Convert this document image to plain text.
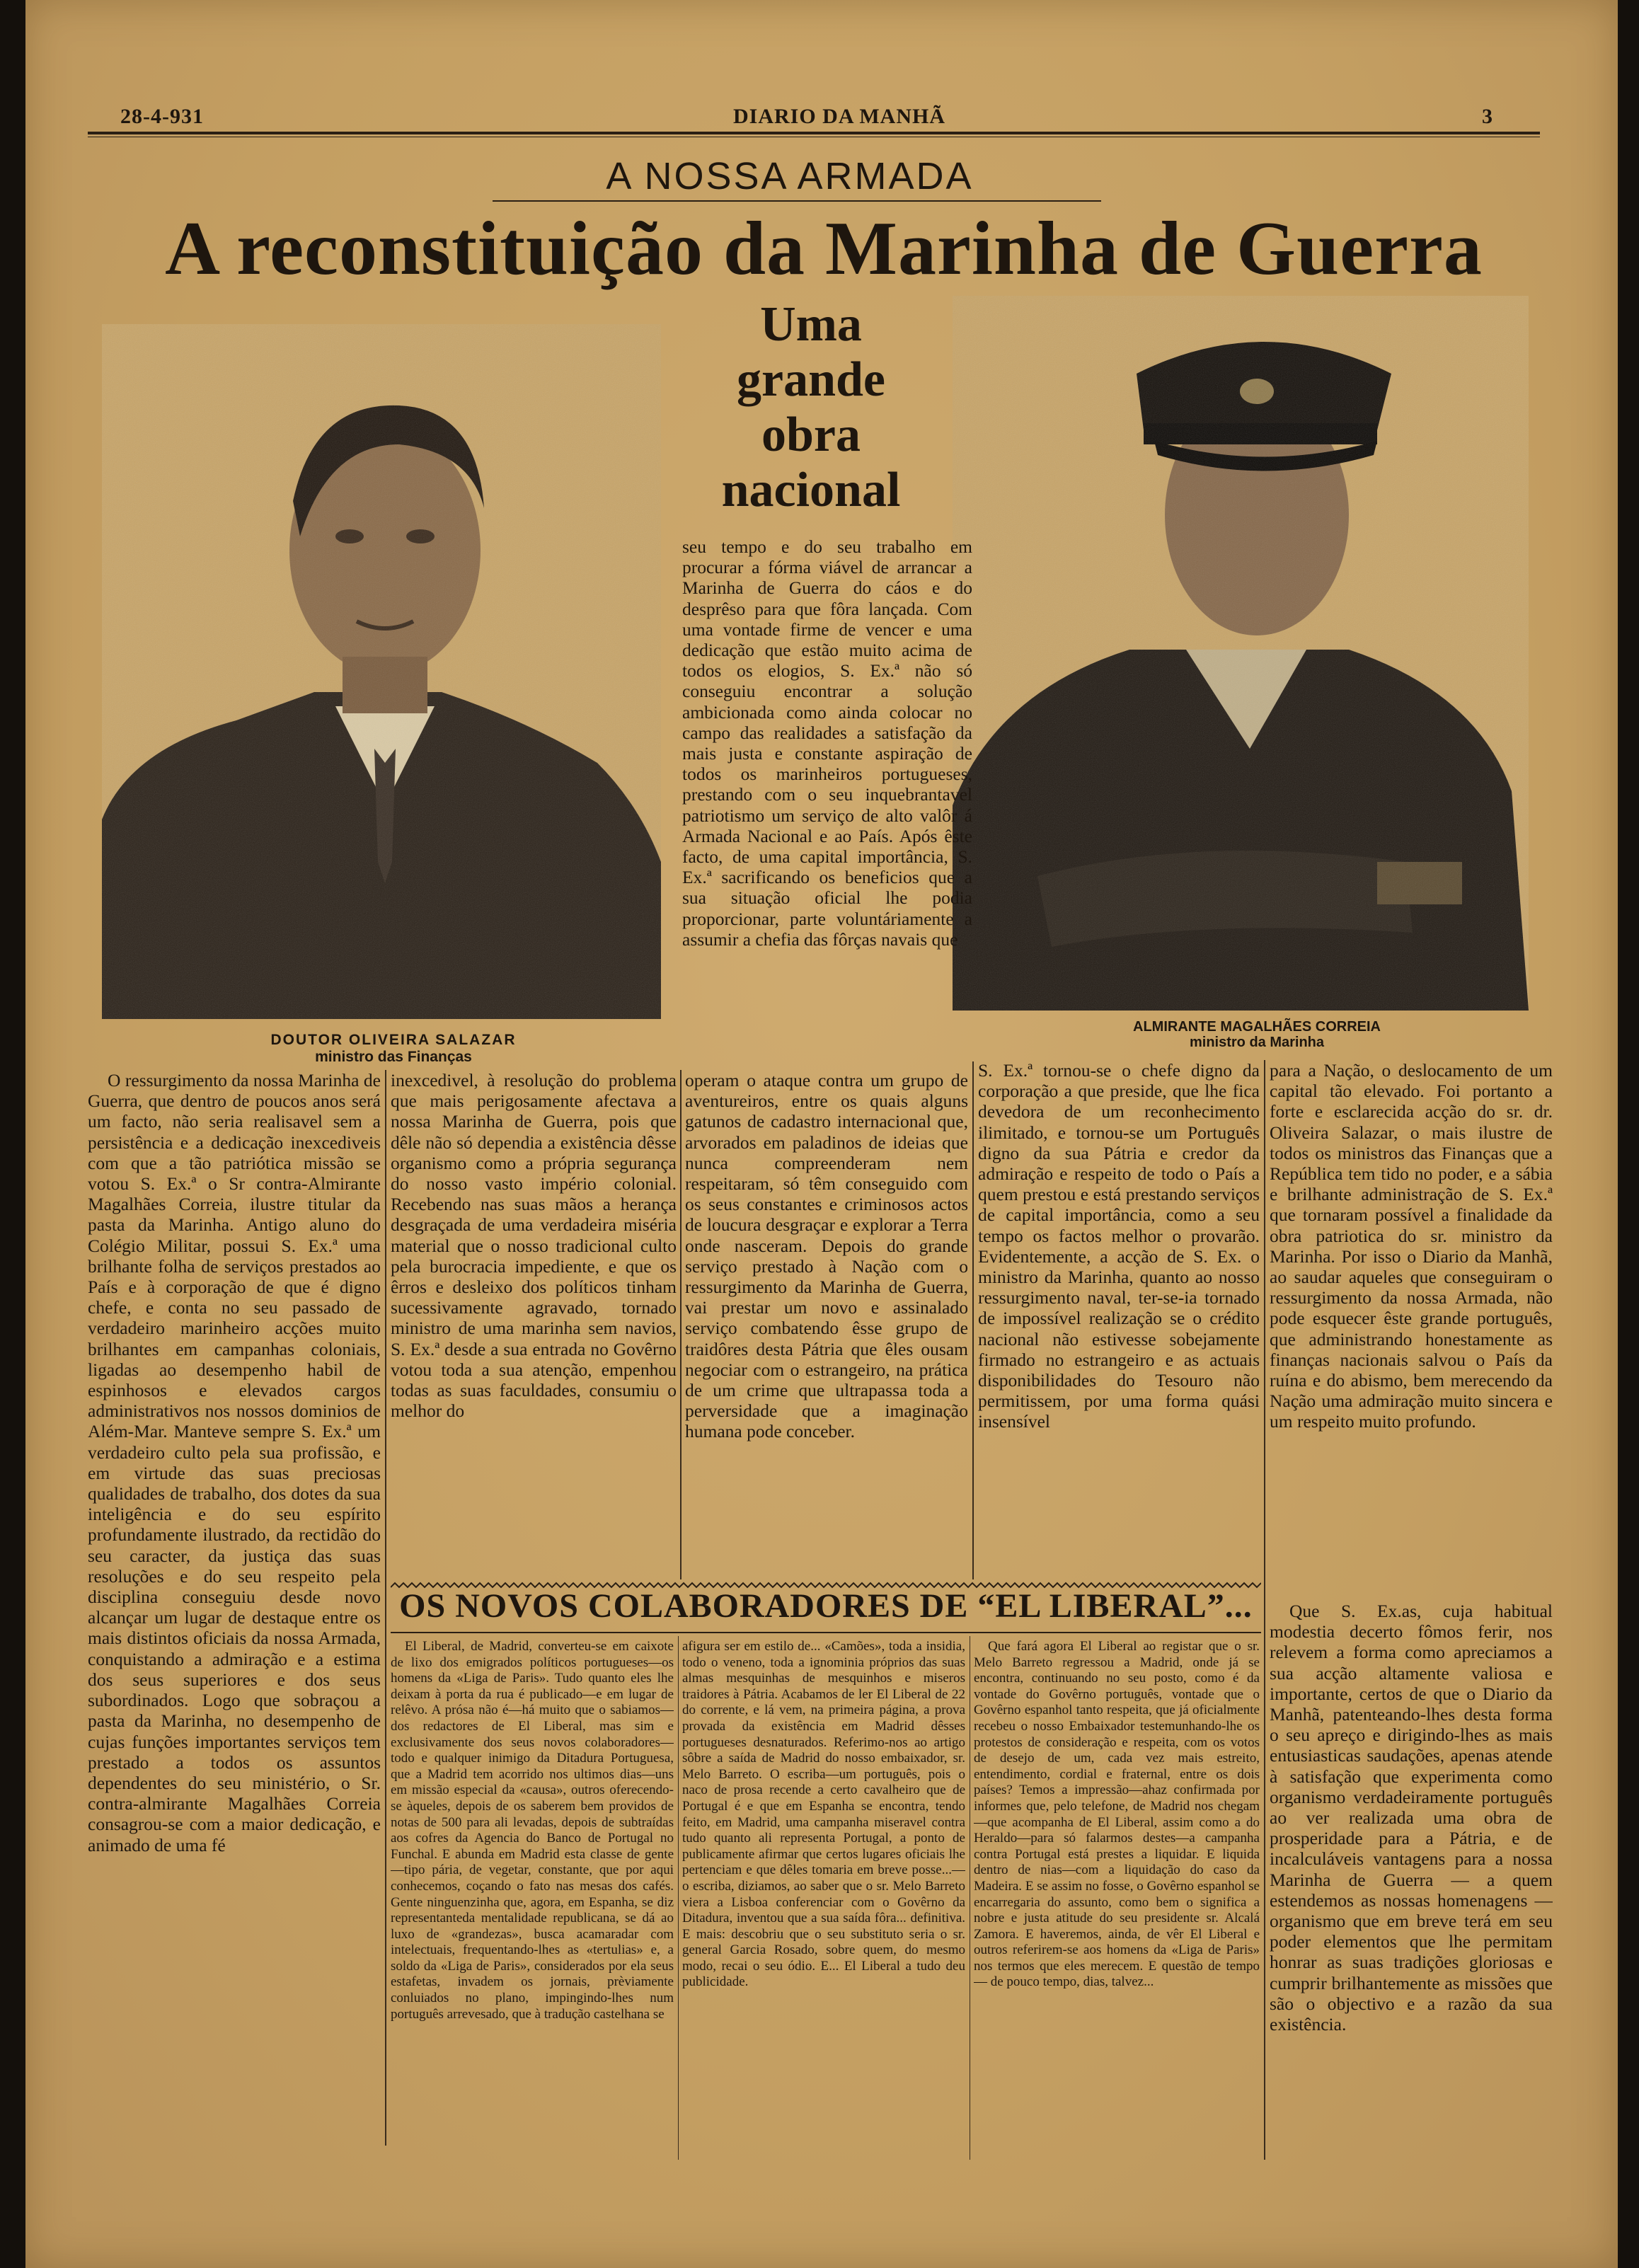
28-4-931	DIARIO DA MANHÃ	3
A NOSSA ARMADA
A reconstituição da Marinha de Guerra
Uma
grande
obra
nacional
DOUTOR OLIVEIRA SALAZAR
ministro das Finanças
ALMIRANTE MAGALHÃES CORREIA
ministro da Marinha

seu tempo e do seu trabalho em procurar a fórma viável de arrancar a Marinha de Guerra do cáos e do desprêso para que fôra lançada. Com uma vontade firme de vencer e uma dedicação que estão muito acima de todos os elogios, S. Ex.ª não só conseguiu encontrar a solução ambicionada como ainda colocar no campo das realidades a satisfação da mais justa e constante aspiração de todos os marinheiros portugueses, prestando com o seu inquebrantavel patriotismo um serviço de alto valôr á Armada Nacional e ao País. Após êste facto, de uma capital importância, S. Ex.ª sacrificando os beneficios que a sua situação oficial lhe podia proporcionar, parte voluntáriamente a assumir a chefia das fôrças navais que

O ressurgimento da nossa Marinha de Guerra, que dentro de poucos anos será um facto, não seria realisavel sem a persistência e a dedicação inexcediveis com que a tão patriótica missão se votou S. Ex.ª o Sr contra-Almirante Magalhães Correia, ilustre titular da pasta da Marinha. Antigo aluno do Colégio Militar, possui S. Ex.ª uma brilhante folha de serviços prestados ao País e à corporação de que é digno chefe, e conta no seu passado de verdadeiro marinheiro acções muito brilhantes em campanhas coloniais, ligadas ao desempenho habil de espinhosos e elevados cargos administrativos nos nossos dominios de Além-Mar. Manteve sempre S. Ex.ª um verdadeiro culto pela sua profissão, e em virtude das suas preciosas qualidades de trabalho, dos dotes da sua inteligência e do seu espírito profundamente ilustrado, da rectidão do seu caracter, da justiça das suas resoluções e do seu respeito pela disciplina conseguiu desde novo alcançar um lugar de destaque entre os mais distintos oficiais da nossa Armada, conquistando a admiração e a estima dos seus superiores e dos seus subordinados. Logo que sobraçou a pasta da Marinha, no desempenho de cujas funções importantes serviços tem prestado a todos os assuntos dependentes do seu ministério, o Sr. contra-almirante Magalhães Correia consagrou-se com a maior dedicação, e animado de uma fé

inexcedivel, à resolução do problema que mais perigosamente afectava a nossa Marinha de Guerra, pois que dêle não só dependia a existência dêsse organismo como a própria segurança do nosso vasto império colonial. Recebendo nas suas mãos a herança desgraçada de uma verdadeira miséria material que o nosso tradicional culto pela burocracia impediente, e que os êrros e desleixo dos políticos tinham sucessivamente agravado, tornado ministro de uma marinha sem navios, S. Ex.ª desde a sua entrada no Govêrno votou toda a sua atenção, empenhou todas as suas faculdades, consumiu o melhor do

operam o ataque contra um grupo de aventureiros, entre os quais alguns gatunos de cadastro internacional que, arvorados em paladinos de ideias que nunca compreenderam nem respeitaram, só têm conseguido com os seus constantes e criminosos actos de loucura desgraçar e explorar a Terra onde nasceram. Depois do grande serviço prestado à Nação com o ressurgimento da Marinha de Guerra, vai prestar um novo e assinalado serviço combatendo êsse grupo de traidôres desta Pátria que êles ousam negociar com o estrangeiro, na prática de um crime que ultrapassa toda a perversidade que a imaginação humana pode conceber.

S. Ex.ª tornou-se o chefe digno da corporação a que preside, que lhe fica devedora de um reconhecimento ilimitado, e tornou-se um Português digno da sua Pátria e credor da admiração e respeito de todo o País a quem prestou e está prestando serviços de capital importância, como a seu tempo os factos melhor o provarão. Evidentemente, a acção de S. Ex. o ministro da Marinha, quanto ao nosso ressurgimento naval, ter-se-ia tornado de impossível realização se o crédito nacional não estivesse sobejamente firmado no estrangeiro e as actuais disponibilidades do Tesouro não permitissem, por uma forma quási insensível

para a Nação, o deslocamento de um capital tão elevado. Foi portanto a forte e esclarecida acção do sr. dr. Oliveira Salazar, o mais ilustre de todos os ministros das Finanças que a República tem tido no poder, e a sábia e brilhante administração de S. Ex.ª que tornaram possível a finalidade da obra patriotica do sr. ministro da Marinha. Por isso o Diario da Manhã, ao saudar aqueles que conseguiram o ressurgimento da nossa Armada, não pode esquecer êste grande português, que administrando honestamente as finanças nacionais salvou o País da ruína e do abismo, bem merecendo da Nação uma admiração muito sincera e um respeito muito profundo.

OS NOVOS COLABORADORES DE “EL LIBERAL”...

El Liberal, de Madrid, converteu-se em caixote de lixo dos emigrados políticos portugueses—os homens da «Liga de Paris». Tudo quanto eles lhe deixam à porta da rua é publicado—e em lugar de relêvo. A prósa não é—há muito que o sabiamos—dos redactores de El Liberal, mas sim e exclusivamente dos seus novos colaboradores—todo e qualquer inimigo da Ditadura Portuguesa, que a Madrid tem acorrido nos ultimos dias—uns em missão especial da «causa», outros oferecendo-se àqueles, depois de os saberem bem providos de notas de 500 para ali levadas, depois de subtraídas aos cofres da Agencia do Banco de Portugal no Funchal. E abunda em Madrid esta classe de gente—tipo pária, de vegetar, constante, que por aqui conhecemos, coçando o fato nas mesas dos cafés. Gente ninguenzinha que, agora, em Espanha, se diz representanteda mentalidade republicana, se dá ao luxo de «grandezas», busca acamaradar com intelectuais, frequentando-lhes as «tertulias» e, a soldo da «Liga de Paris», considerados por ela seus estafetas, invadem os jornais, prèviamente conluiados no plano, impingindo-lhes num português arrevesado, que à tradução castelhana se

afigura ser em estilo de... «Camões», toda a insidia, todo o veneno, toda a ignominia próprios das suas almas mesquinhas de mesquinhos e miseros traidores à Pátria. Acabamos de ler El Liberal de 22 do corrente, e lá vem, na primeira página, a prova provada da existência em Madrid dêsses portugueses desnaturados. Referimo-nos ao artigo sôbre a saída de Madrid do nosso embaixador, sr. Melo Barreto. O escriba—um português, pois o naco de prosa recende a certo cavalheiro que de Portugal é e que em Espanha se encontra, tendo feito, em Madrid, uma campanha miseravel contra tudo quanto ali representa Portugal, a ponto de publicamente afirmar que certos lugares oficiais lhe pertenciam e que dêles tomaria em breve posse...—o escriba, diziamos, ao saber que o sr. Melo Barreto viera a Lisboa conferenciar com o Govêrno da Ditadura, inventou que a sua saída fôra... definitiva. E mais: descobriu que o seu substituto seria o sr. general Garcia Rosado, sobre quem, do mesmo modo, recai o seu ódio. E... El Liberal a tudo deu publicidade.

Que fará agora El Liberal ao registar que o sr. Melo Barreto regressou a Madrid, onde já se encontra, continuando no seu posto, como é da vontade do Govêrno português, vontade que o Govêrno espanhol tanto respeita, que já oficialmente recebeu o nosso Embaixador testemunhando-lhe os protestos de consideração e respeita, com os votos de desejo de um, cada vez mais estreito, entendimento, cordial e fraternal, entre os dois países? Temos a impressão—ahaz confirmada por informes que, pelo telefone, de Madrid nos chegam—que acompanha de El Liberal, assim como a do Heraldo—para só falarmos destes—a campanha contra Portugal está prestes a liquidar. E liquida dentro de nias—com a liquidação do caso da Madeira. E se assim no fosse, o Govêrno espanhol se encarregaria do assunto, como bem o significa a nobre e justa atitude do seu presidente sr. Alcalá Zamora. E haveremos, ainda, de vêr El Liberal e outros referirem-se aos homens da «Liga de Paris» nos termos que eles merecem. E questão de tempo — de pouco tempo, dias, talvez...

Que S. Ex.as, cuja habitual modestia decerto fômos ferir, nos relevem a forma como apreciamos a sua acção altamente valiosa e importante, certos de que o Diario da Manhã, patenteando-lhes desta forma o seu apreço e dirigindo-lhes as mais entusiasticas saudações, apenas atende à satisfação que experimenta como organismo verdadeiramente português ao ver realizada uma obra de prosperidade para a Pátria, e de incalculáveis vantagens para a nossa Marinha de Guerra — a quem estendemos as nossas homenagens — organismo que em breve terá em seu poder elementos que lhe permitam honrar as suas tradições gloriosas e cumprir brilhantemente as missões que são o objectivo e a razão da sua existência.
